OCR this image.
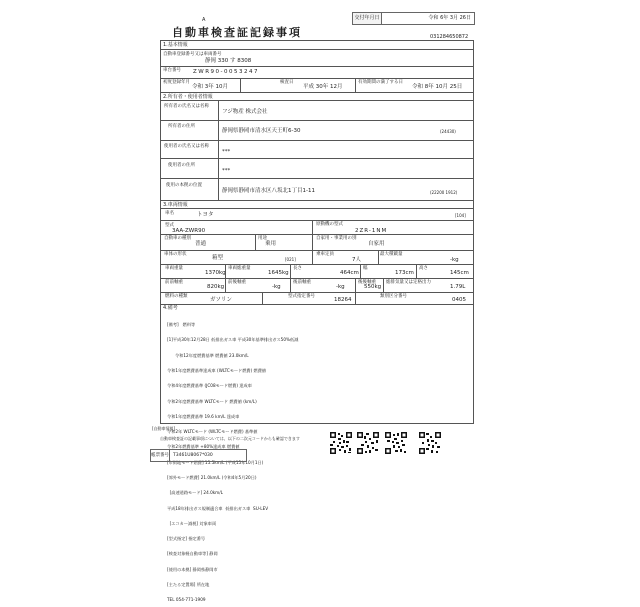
A
自動車検査証記録事項
交付年月日	令和 6年 3月 26日
031284650872
1.基本情報
自動車登録番号又は車両番号
静岡 330 す 8308
車台番号 ZWR90-0053247
初度登録年月
令和 3年 10月
検査日
平成 30年 12月
有効期間の満了する日
令和 8年 10月 25日
2.所有者・使用者情報
所有者の氏名又は名称
フジ物産 株式会社
所有者の住所
静岡県静岡市清水区天王町6-30	(24430)
使用者の氏名又は名称
***
使用者の住所
***
使用の本拠の位置
静岡県静岡市清水区八坂北1丁目1-11	(22200 1912)
3.車両情報
車名	トヨタ	[104]
型式
3AA-ZWR90
原動機の型式
2ZR-1NM
自動車の種別
普通
用途
乗用
自家用・事業用の別
自家用
車体の形状
箱型	[021]
乗車定員
7人
最大積載量
-kg
車両重量
1370kg
車両総重量
1645kg
長さ
464cm
幅
173cm
高さ
145cm
前前軸重
820kg
前後軸重
-kg
後前軸重
-kg
後後軸重
550kg
総排気量又は定格出力
1.79L
燃料の種類
ガソリン
型式指定番号
18264
類別区分番号
0405
4.備考

[備考]   燃料等

[1]平成30年12月28日 低排出ガス車 平成30年基準排出ガス50%低減

令和12年度燃費基準 燃費値 23.0km/L

令和1年度燃費基準達成車 (WLTCモード燃費) 燃費値

令和4年度燃費基準 (JC08モード燃費) 達成車

令和2年度燃費基準 WLTCモード 燃費値 (km/L)

令和1年度燃費基準 19.6 km/L 達成車

令和2年 WLTCモード (WLTCモード燃費) 基準値

令和2年燃費基準 +80%達成車 燃費値

[市街地モード燃費] 15.5km/L (平成15年10月1日)

[郊外モード燃費] 21.0km/L (令和4年5月20日)

[高速道路モード] 24.0km/L

平成18年排出ガス規制適合車  低排出ガス車  SU-LEV

[エコカー減税] 対象車両

[型式指定] 指定番号

[検査対象軽自動車等] 静岡

[使用の本拠] 静岡県静岡市

[主たる定置場] 所在地

TEL 054-771-1909

[自動車情報]
自動車検査証の記載事項については、以下の二次元コードからも確認できます
帳票番号 T3461U8067*030
